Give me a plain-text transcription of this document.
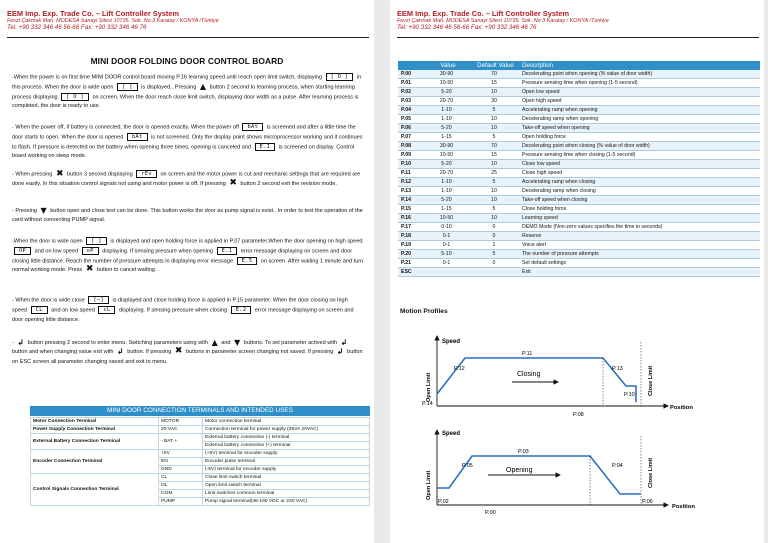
EEM Imp. Exp. Trade Co. – Lift Controller System
Fevzi Çakmak Mah. MODESA Sanayi Sitesi 10735. Sok .No:3 Karatay / KONYA /Türkiye
Tel: +90 332 346 46 56-66 Fax: +90 332 346 46 76
MINI DOOR FOLDING DOOR CONTROL BOARD
-When the power is on first time MINI DOOR control board moving P.16 learning speed until reach open limit switch, displaying [ O ] in this process. When the door is wide open [ ] is displayed.. Pressing ▲ button 2 second to learning process, when starting learning process displaying [ O ] on screen. When the door reach close limit switch, displaying door width as a pulse. After learning process is completed, the door is ready to use.
- When the power off, if battery is connected, the door is opened exactly. When the power off bAt is screened and after a little time the door starts to open. When the door is opened bAt is not screened. Only the display point shows microprocessor working and it continues to flash. If pressure is detected on the battery when opening three times, opening is canceled and E.1 is screened on display. Control board working on sleep mode.
- When pressing ✖ button 3 second displaying rEv on screen and the motor power is cut and mechanic settings that are required are done easily. In this situation control signals not using and motor power is off. If pressing ✖ button 2 second exit the revision mode.
- Pressing ▼ button open and close test can be done. This button works the door as pump signal is exist.. In order to test the operation of the card without connecting PUMP signal.
-When the door is wide open [ ] is displayed and open holding force is applied in P.07 parameter.When the door opening on high speed OP and on low speed oP displaying. If sensing pressure when opening E.1 error message displaying on screen and door closing little distance. Reach the number of pressure attempts in displaying error message E.5 on screen. After waiting 1 minute and turn normal working mode. Press ✖ button to cancel waiting.
- When the door is wide close [—] is displayed and close holding force is applied in P.15 parameter. When the door closing on high speed CL and on low speed cL displaying. If sensing pressure when closing E.2 error message displaying on screen and door opening little distance.
- ↲ button pressing 2 second to enter menu. Switching parameters using with ▲ and ▼ buttons. To set parameter actived with ↲ button and when changing value exit with ↲ button. If pressing ✖ buttons in parameter screen changing not saved. If pressing ↲ button on ESC screen all parameter changing saved and exit to menu.
MINI DOOR CONNECTION TERMINALS AND INTENDED USES
Motor Connection Terminal	MOTOR	Motor connection terminal
Power Supply Connection Terminal	20 VAC	Connection terminal for power supply (35VA 20VAC)
External Battery Connection Terminal	- BAT +	External battery connection (-) terminal
		External battery connection (+) terminal
Encoder Connection Terminal	+5V	(+5V) terminal for encoder supply
	EN	Encoder pulse terminal
	GND	(-5V) terminal for encoder supply
Control Signals Connection Terminal	CL	Close limit switch terminal
	OL	Open limit switch terminal
	COM	Limit switches common terminal
	PUMP	Pump signal terminal(48-190 VDC or 220 VAC)
EEM Imp. Exp. Trade Co. – Lift Controller System
Fevzi Çakmak Mah. MODESA Sanayi Sitesi 10735. Sok .No:3 Karatay / KONYA /Türkiye
Tel: +90 332 346 46 56-66 Fax: +90 332 346 46 76
	Value	Default Value	Description
P.00	30-90	70	Decelerating point when opening (% value of door width)
P.01	10-50	15	Pressure sensing time when opening (1-5 second)
P.02	5-20	10	Open low speed
P.03	20-70	30	Open high speed
P.04	1-10	5	Accelerating ramp when opening
P.05	1-10	10	Decelerating ramp when opening
P.06	5-20	10	Take-off speed when opening
P.07	1-15	5	Open holding force
P.08	30-90	70	Decelerating point when closing (% value of door width)
P.09	10-50	15	Pressure sensing time when closing (1-5 second)
P.10	5-20	10	Close low speed
P.11	20-70	25	Close high speed
P.12	1-10	5	Accelerating ramp when closing
P.13	1-10	10	Decelerating ramp when closing
P.14	5-20	10	Take-off speed when closing
P.15	1-15	5	Close holding force
P.16	10-50	10	Learning speed
P.17	0-10	0	DEMO Mode (Non-zero values specifies the time in seconds)
P.18	0-1	0	Reserve
P.19	0-1	1	Voice alert
P.20	5-10	5	The number of pressure attempts
P.21	0-1	0	Set default settings
ESC			Exit
Motion Profiles
Speed
Position
Open Limit	Close Limit
Closing
P.11
P.12	P.13
P.14
P.10
P.08
Speed
Position
Open Limit	Close Limit
Opening
P.03
P.05	P.04
P.02	P.06
P.00
